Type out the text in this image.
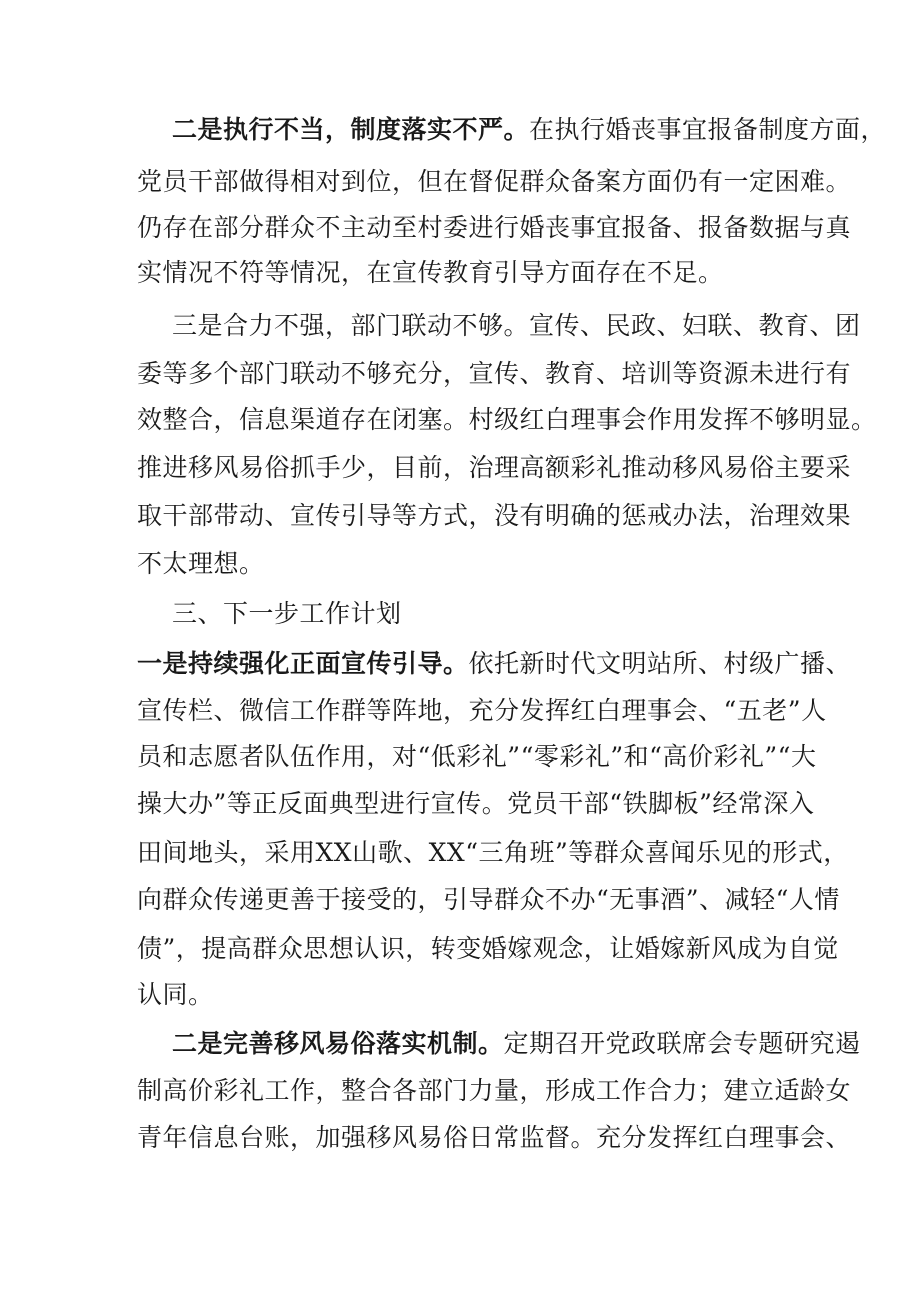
二是执行不当，制度落实不严。在执行婚丧事宜报备制度方面，
党员干部做得相对到位，但在督促群众备案方面仍有一定困难。
仍存在部分群众不主动至村委进行婚丧事宜报备、报备数据与真
实情况不符等情况，在宣传教育引导方面存在不足。
三是合力不强，部门联动不够。宣传、民政、妇联、教育、团
委等多个部门联动不够充分，宣传、教育、培训等资源未进行有
效整合，信息渠道存在闭塞。村级红白理事会作用发挥不够明显。
推进移风易俗抓手少，目前，治理高额彩礼推动移风易俗主要采
取干部带动、宣传引导等方式，没有明确的惩戒办法，治理效果
不太理想。
三、下一步工作计划
一是持续强化正面宣传引导。依托新时代文明站所、村级广播、
宣传栏、微信工作群等阵地，充分发挥红白理事会、“五老”人
员和志愿者队伍作用，对“低彩礼”“零彩礼”和“高价彩礼”“大
操大办”等正反面典型进行宣传。党员干部“铁脚板”经常深入
田间地头，采用XX山歌、XX“三角班”等群众喜闻乐见的形式，
向群众传递更善于接受的，引导群众不办“无事酒”、减轻“人情
债”，提高群众思想认识，转变婚嫁观念，让婚嫁新风成为自觉
认同。
二是完善移风易俗落实机制。定期召开党政联席会专题研究遏
制高价彩礼工作，整合各部门力量，形成工作合力；建立适龄女
青年信息台账，加强移风易俗日常监督。充分发挥红白理事会、
